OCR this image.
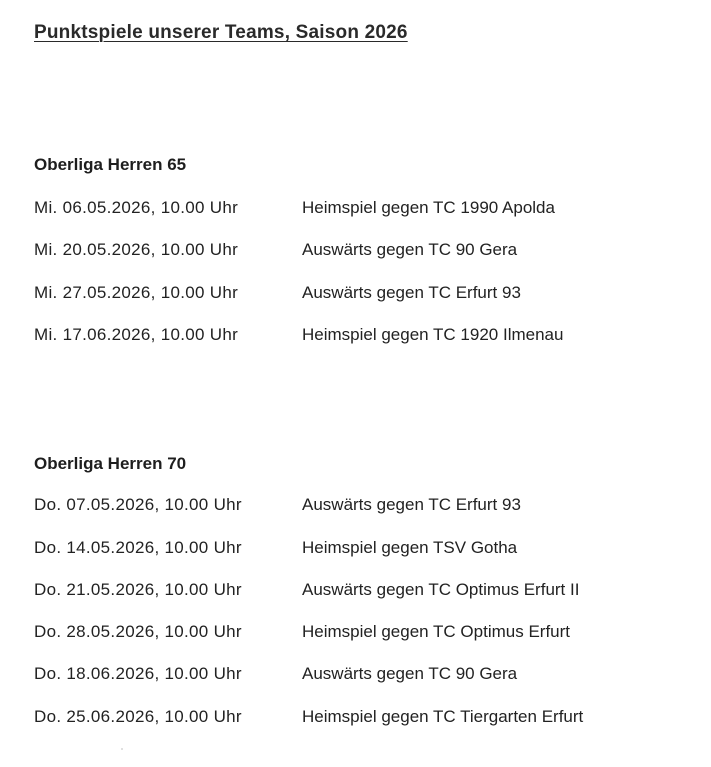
Punktspiele unserer Teams, Saison 2026
Oberliga Herren 65
Mi. 06.05.2026, 10.00 Uhr	Heimspiel gegen TC 1990 Apolda
Mi. 20.05.2026, 10.00 Uhr	Auswärts gegen TC 90 Gera
Mi. 27.05.2026, 10.00 Uhr	Auswärts gegen TC Erfurt 93
Mi. 17.06.2026, 10.00 Uhr	Heimspiel gegen TC 1920 Ilmenau
Oberliga Herren 70
Do. 07.05.2026, 10.00 Uhr	Auswärts gegen TC Erfurt 93
Do. 14.05.2026, 10.00 Uhr	Heimspiel gegen TSV Gotha
Do. 21.05.2026, 10.00 Uhr	Auswärts gegen TC Optimus Erfurt II
Do. 28.05.2026, 10.00 Uhr	Heimspiel gegen TC Optimus Erfurt
Do. 18.06.2026, 10.00 Uhr	Auswärts gegen TC 90 Gera
Do. 25.06.2026, 10.00 Uhr	Heimspiel gegen TC Tiergarten Erfurt
